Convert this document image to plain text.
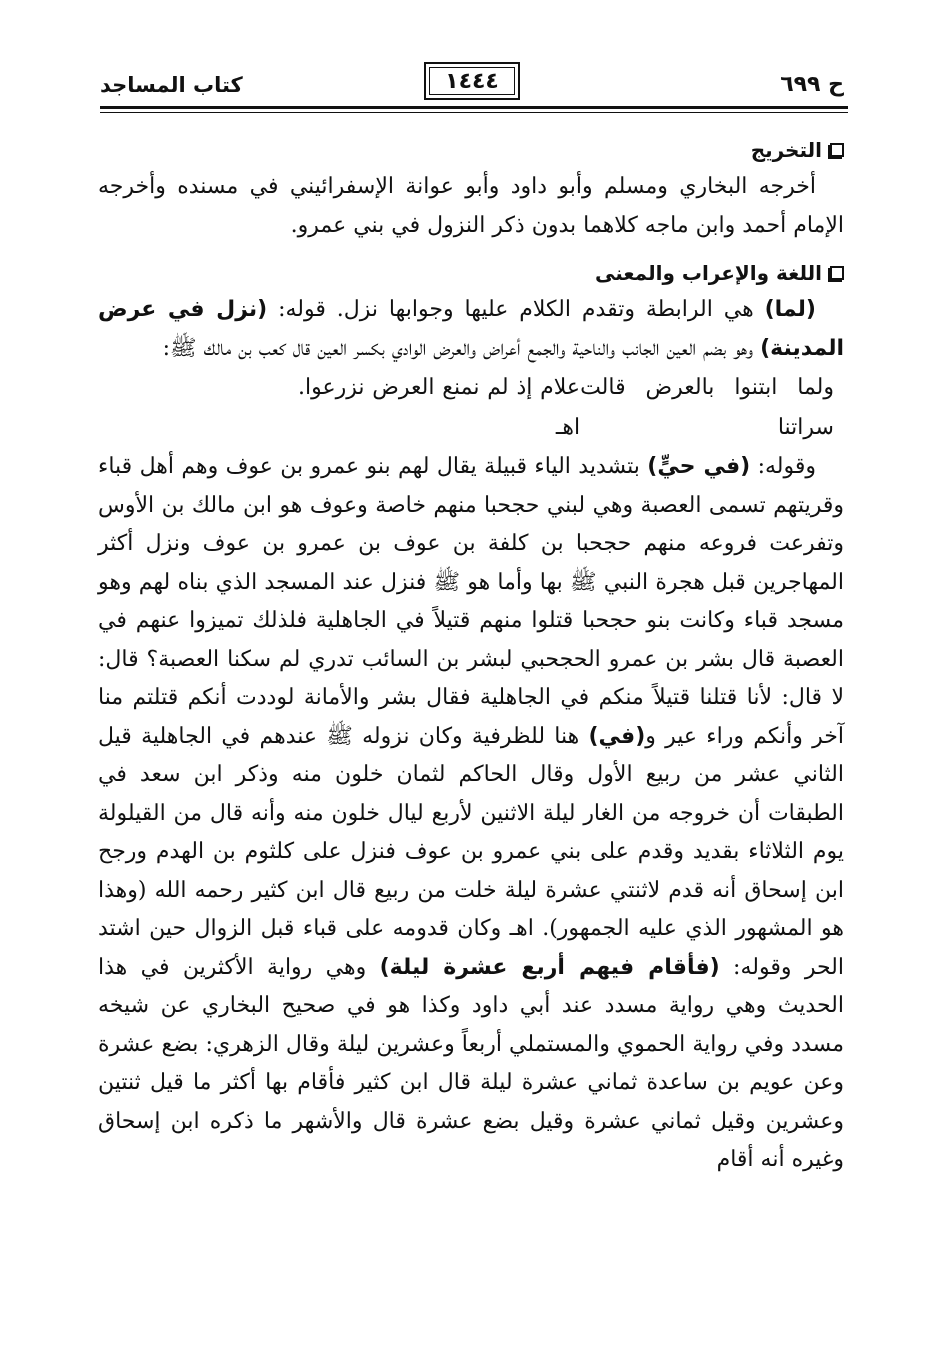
ح ٦٩٩
١٤٤٤
كتاب المساجد
التخريج

أخرجه البخاري ومسلم وأبو داود وأبو عوانة الإسفرائيني في مسنده وأخرجه الإمام أحمد وابن ماجه كلاهما بدون ذكر النزول في بني عمرو.

اللغة والإعراب والمعنى

(لما) هي الرابطة وتقدم الكلام عليها وجوابها نزل. قوله: (نزل في عرض المدينة) وهو بضم العين الجانب والناحية والجمع أعراض والعرض الوادي بكسر العين قال كعب بن مالك ﷺ:

ولما ابتنوا بالعرض قالت سراتنا
علام إذ لم نمنع العرض نزرعوا. اهـ

وقوله: (في حيٍّ) بتشديد الياء قبيلة يقال لهم بنو عمرو بن عوف وهم أهل قباء وقريتهم تسمى العصبة وهي لبني حجحبا منهم خاصة وعوف هو ابن مالك بن الأوس وتفرعت فروعه منهم حجحبا بن كلفة بن عوف بن عمرو بن عوف ونزل أكثر المهاجرين قبل هجرة النبي ﷺ بها وأما هو ﷺ فنزل عند المسجد الذي بناه لهم وهو مسجد قباء وكانت بنو حجحبا قتلوا منهم قتيلاً في الجاهلية فلذلك تميزوا عنهم في العصبة قال بشر بن عمرو الحجحبي لبشر بن السائب تدري لم سكنا العصبة؟ قال: لا قال: لأنا قتلنا قتيلاً منكم في الجاهلية فقال بشر والأمانة لوددت أنكم قتلتم منا آخر وأنكم وراء عير و(في) هنا للظرفية وكان نزوله ﷺ عندهم في الجاهلية قيل الثاني عشر من ربيع الأول وقال الحاكم لثمان خلون منه وذكر ابن سعد في الطبقات أن خروجه من الغار ليلة الاثنين لأربع ليال خلون منه وأنه قال من القيلولة يوم الثلاثاء بقديد وقدم على بني عمرو بن عوف فنزل على كلثوم بن الهدم ورجح ابن إسحاق أنه قدم لاثنتي عشرة ليلة خلت من ربيع قال ابن كثير رحمه الله (وهذا هو المشهور الذي عليه الجمهور). اهـ وكان قدومه على قباء قبل الزوال حين اشتد الحر وقوله: (فأقام فيهم أربع عشرة ليلة) وهي رواية الأكثرين في هذا الحديث وهي رواية مسدد عند أبي داود وكذا هو في صحيح البخاري عن شيخه مسدد وفي رواية الحموي والمستملي أربعاً وعشرين ليلة وقال الزهري: بضع عشرة وعن عويم بن ساعدة ثماني عشرة ليلة قال ابن كثير فأقام بها أكثر ما قيل ثنتين وعشرين وقيل ثماني عشرة وقيل بضع عشرة قال والأشهر ما ذكره ابن إسحاق وغيره أنه أقام
